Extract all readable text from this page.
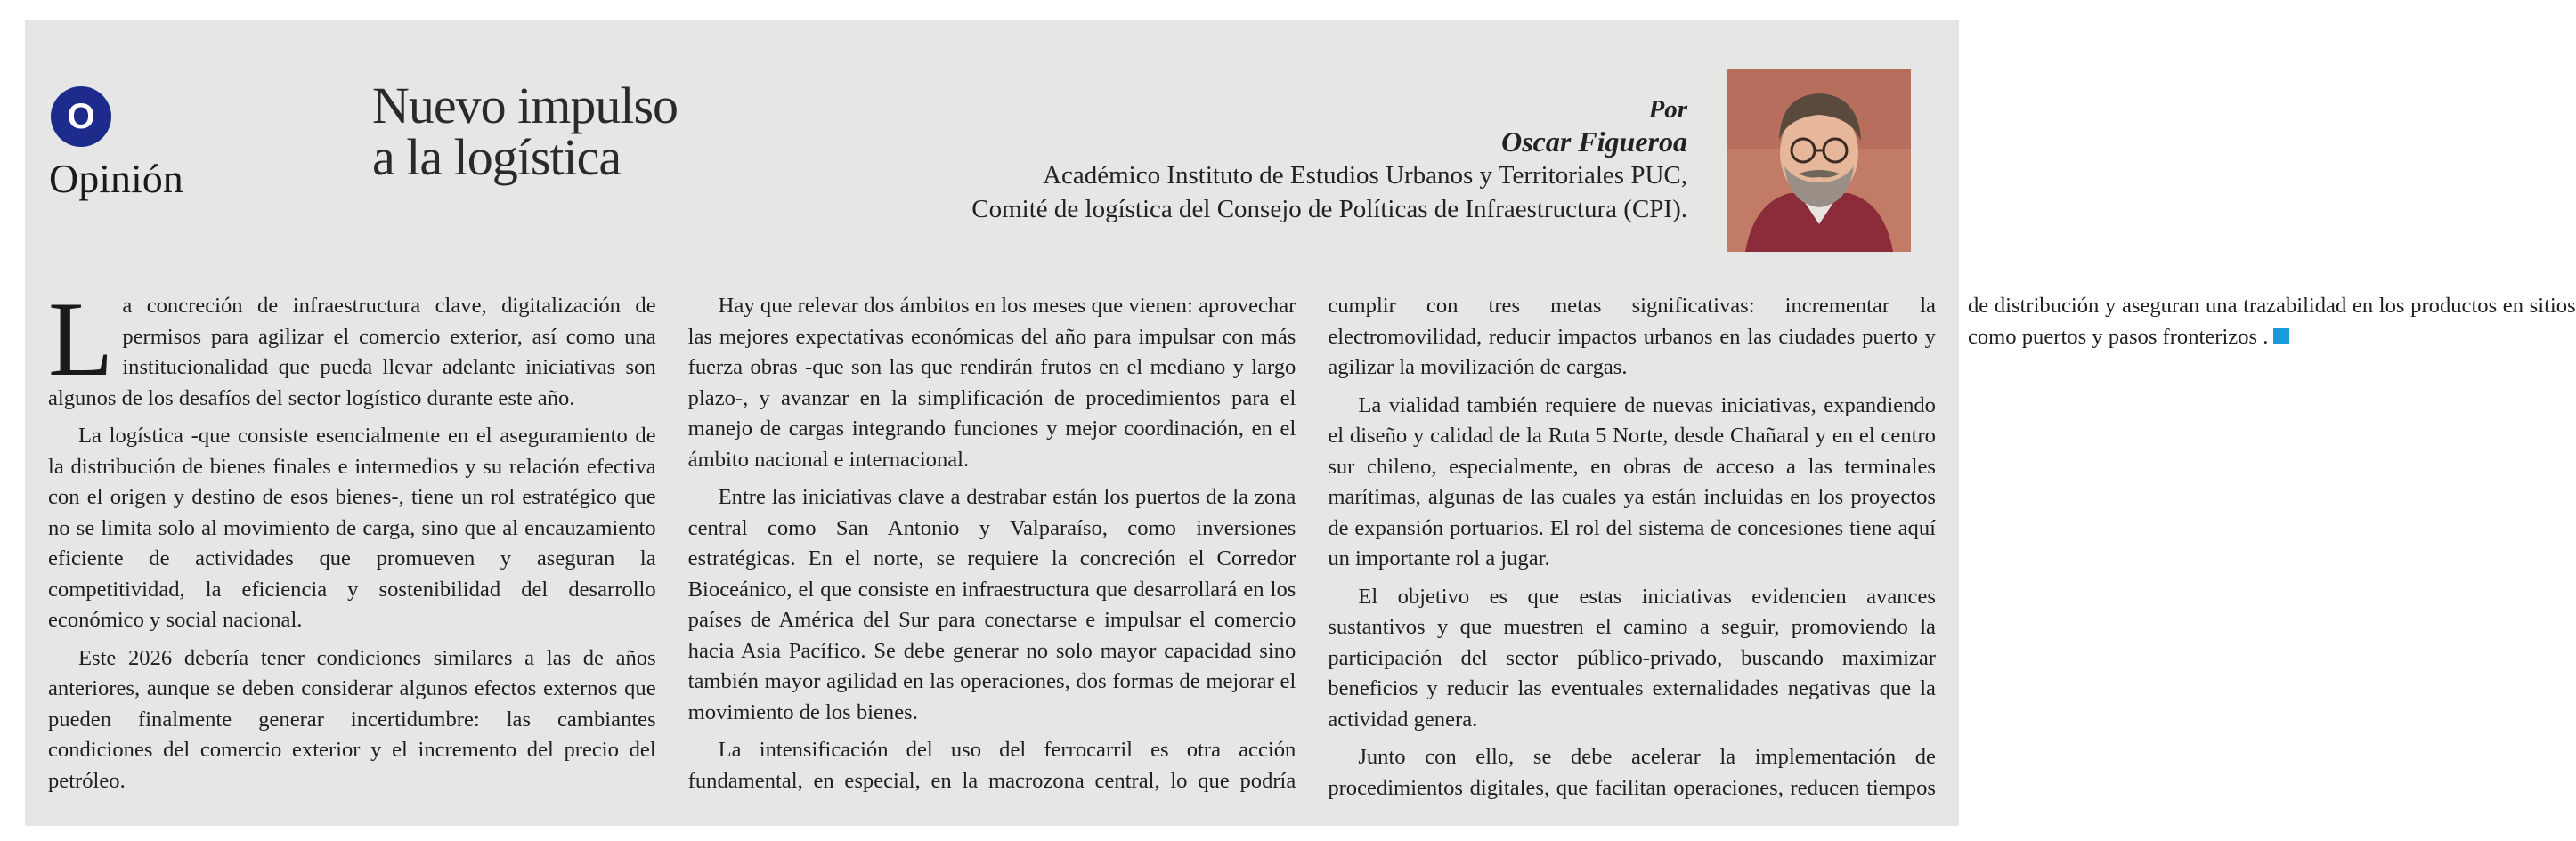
O
Opinión
Nuevo impulso
a la logística
Por
Oscar Figueroa
Académico Instituto de Estudios Urbanos y Territoriales PUC,
Comité de logística del Consejo de Políticas de Infraestructura (CPI).

La concreción de infraestructura clave, digitalización de permisos para agilizar el comercio exterior, así como una institucionalidad que pueda llevar adelante iniciativas son algunos de los desafíos del sector logístico durante este año.

La logística -que consiste esencialmente en el aseguramiento de la distribución de bienes finales e intermedios y su relación efectiva con el origen y destino de esos bienes-, tiene un rol estratégico que no se limita solo al movimiento de carga, sino que al encauzamiento eficiente de actividades que promueven y aseguran la competitividad, la eficiencia y sostenibilidad del desarrollo económico y social nacional.

Este 2026 debería tener condiciones similares a las de años anteriores, aunque se deben considerar algunos efectos externos que pueden finalmente generar incertidumbre: las cambiantes condiciones del comercio exterior y el incremento del precio del petróleo.

Hay que relevar dos ámbitos en los meses que vienen: aprovechar las mejores expectativas económicas del año para impulsar con más fuerza obras -que son las que rendirán frutos en el mediano y largo plazo-, y avanzar en la simplificación de procedimientos para el manejo de cargas integrando funciones y mejor coordinación, en el ámbito nacional e internacional.

Entre las iniciativas clave a destrabar están los puertos de la zona central como San Antonio y Valparaíso, como inversiones estratégicas. En el norte, se requiere la concreción el Corredor Bioceánico, el que consiste en infraestructura que desarrollará en los países de América del Sur para conectarse e impulsar el comercio hacia Asia Pacífico. Se debe generar no solo mayor capacidad sino también mayor agilidad en las operaciones, dos formas de mejorar el movimiento de los bienes.

La intensificación del uso del ferrocarril es otra acción fundamental, en especial, en la macrozona central, lo que podría cumplir con tres metas significativas: incrementar la electromovilidad, reducir impactos urbanos en las ciudades puerto y agilizar la movilización de cargas.

La vialidad también requiere de nuevas iniciativas, expandiendo el diseño y calidad de la Ruta 5 Norte, desde Chañaral y en el centro sur chileno, especialmente, en obras de acceso a las terminales marítimas, algunas de las cuales ya están incluidas en los proyectos de expansión portuarios. El rol del sistema de concesiones tiene aquí un importante rol a jugar.

El objetivo es que estas iniciativas evidencien avances sustantivos y que muestren el camino a seguir, promoviendo la participación del sector público-privado, buscando maximizar beneficios y reducir las eventuales externalidades negativas que la actividad genera.

Junto con ello, se debe acelerar la implementación de procedimientos digitales, que facilitan operaciones, reducen tiempos de distribución y aseguran una trazabilidad en los productos en sitios como puertos y pasos fronterizos .
